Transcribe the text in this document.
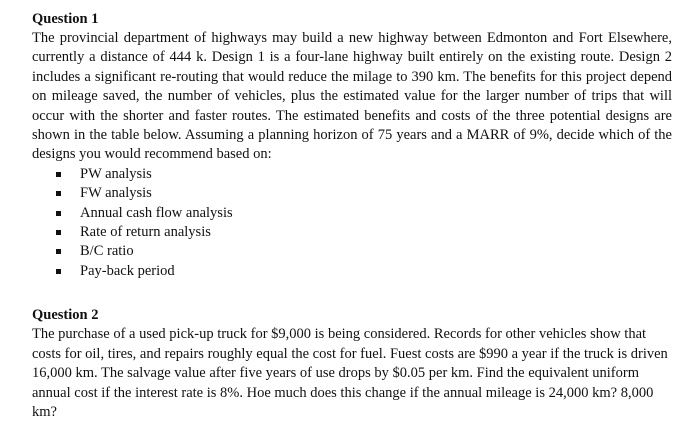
Question 1

The provincial department of highways may build a new highway between Edmonton and Fort Elsewhere, currently a distance of 444 k. Design 1 is a four-lane highway built entirely on the existing route. Design 2 includes a significant re-routing that would reduce the milage to 390 km. The benefits for this project depend on mileage saved, the number of vehicles, plus the estimated value for the larger number of trips that will occur with the shorter and faster routes. The estimated benefits and costs of the three potential designs are shown in the table below. Assuming a planning horizon of 75 years and a MARR of 9%, decide which of the designs you would recommend based on:

PW analysis
FW analysis
Annual cash flow analysis
Rate of return analysis
B/C ratio
Pay-back period

Question 2

The purchase of a used pick-up truck for $9,000 is being considered. Records for other vehicles show that costs for oil, tires, and repairs roughly equal the cost for fuel. Fuest costs are $990 a year if the truck is driven 16,000 km. The salvage value after five years of use drops by $0.05 per km. Find the equivalent uniform annual cost if the interest rate is 8%. Hoe much does this change if the annual mileage is 24,000 km? 8,000 km?
